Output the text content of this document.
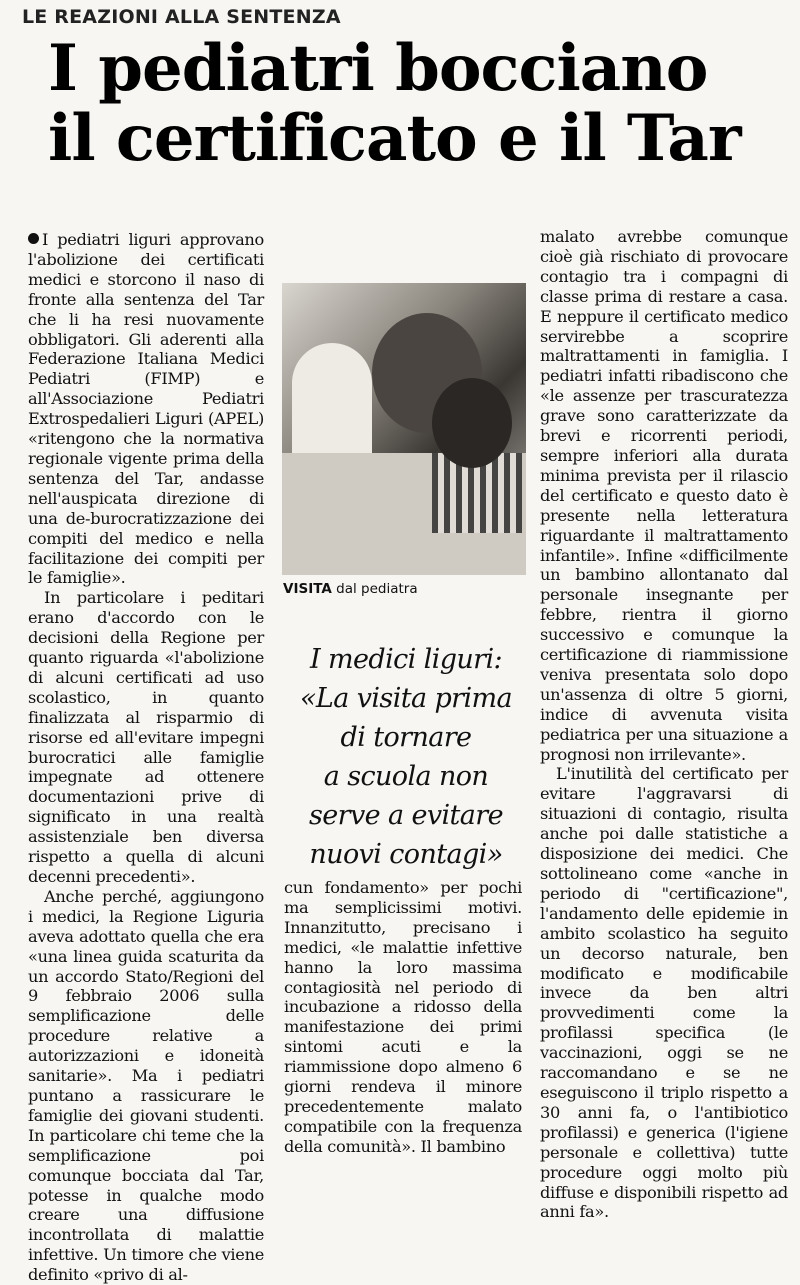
LE REAZIONI ALLA SENTENZA
I pediatri bocciano
il certificato e il Tar

I pediatri liguri approvano l'abolizione dei certificati medici e storcono il naso di fronte alla sentenza del Tar che li ha resi nuovamente obbligatori. Gli aderenti alla Federazione Italiana Medici Pediatri (FIMP) e all'Associazione Pediatri Extrospedalieri Liguri (APEL) «ritengono che la normativa regionale vigente prima della sentenza del Tar, andasse nell'auspicata direzione di una de-burocratizzazione dei compiti del medico e nella facilitazione dei compiti per le famiglie».

In particolare i peditari erano d'accordo con le decisioni della Regione per quanto riguarda «l'abolizione di alcuni certificati ad uso scolastico, in quanto finalizzata al risparmio di risorse ed all'evitare impegni burocratici alle famiglie impegnate ad ottenere documentazioni prive di significato in una realtà assistenziale ben diversa rispetto a quella di alcuni decenni precedenti».

Anche perché, aggiungono i medici, la Regione Liguria aveva adottato quella che era «una linea guida scaturita da un accordo Stato/Regioni del 9 febbraio 2006 sulla semplificazione delle procedure relative a autorizzazioni e idoneità sanitarie». Ma i pediatri puntano a rassicurare le famiglie dei giovani studenti. In particolare chi teme che la semplificazione poi comunque bocciata dal Tar, potesse in qualche modo creare una diffusione incontrollata di malattie infettive. Un timore che viene definito «privo di al-

VISITA dal pediatra
I medici liguri:
«La visita prima
di tornare
a scuola non
serve a evitare
nuovi contagi»

cun fondamento» per pochi ma semplicissimi motivi. Innanzitutto, precisano i medici, «le malattie infettive hanno la loro massima contagiosità nel periodo di incubazione a ridosso della manifestazione dei primi sintomi acuti e la riammissione dopo almeno 6 giorni rendeva il minore precedentemente malato compatibile con la frequenza della comunità». Il bambino

malato avrebbe comunque cioè già rischiato di provocare contagio tra i compagni di classe prima di restare a casa. E neppure il certificato medico servirebbe a scoprire maltrattamenti in famiglia. I pediatri infatti ribadiscono che «le assenze per trascuratezza grave sono caratterizzate da brevi e ricorrenti periodi, sempre inferiori alla durata minima prevista per il rilascio del certificato e questo dato è presente nella letteratura riguardante il maltrattamento infantile». Infine «difficilmente un bambino allontanato dal personale insegnante per febbre, rientra il giorno successivo e comunque la certificazione di riammissione veniva presentata solo dopo un'assenza di oltre 5 giorni, indice di avvenuta visita pediatrica per una situazione a prognosi non irrilevante».

L'inutilità del certificato per evitare l'aggravarsi di situazioni di contagio, risulta anche poi dalle statistiche a disposizione dei medici. Che sottolineano come «anche in periodo di "certificazione", l'andamento delle epidemie in ambito scolastico ha seguito un decorso naturale, ben modificato e modificabile invece da ben altri provvedimenti come la profilassi specifica (le vaccinazioni, oggi se ne raccomandano e se ne eseguiscono il triplo rispetto a 30 anni fa, o l'antibiotico profilassi) e generica (l'igiene personale e collettiva) tutte procedure oggi molto più diffuse e disponibili rispetto ad anni fa».
